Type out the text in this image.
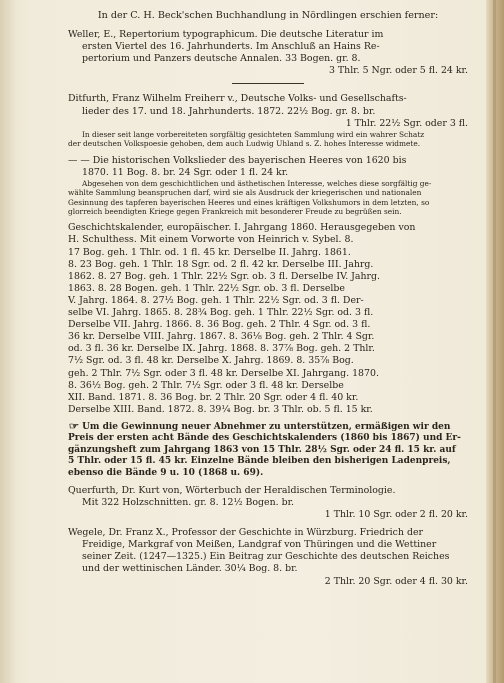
In der C. H. Beck'schen Buchhandlung in Nördlingen erschien ferner:
Weller, E., Repertorium typographicum. Die deutsche Literatur im
ersten Viertel des 16. Jahrhunderts. Im Anschluß an Hains Re-
pertorium und Panzers deutsche Annalen. 33 Bogen. gr. 8.
3 Thlr. 5 Ngr. oder 5 fl. 24 kr.
Ditfurth, Franz Wilhelm Freiherr v., Deutsche Volks- und Gesellschafts-
lieder des 17. und 18. Jahrhunderts. 1872. 22½ Bog. gr. 8. br.
1 Thlr. 22½ Sgr. oder 3 fl.
In dieser seit lange vorbereiteten sorgfältig gesichteten Sammlung wird ein wahrer Schatz
der deutschen Volkspoesie gehoben, dem auch Ludwig Uhland s. Z. hohes Interesse widmete.
— — Die historischen Volkslieder des bayerischen Heeres von 1620 bis
1870. 11 Bog. 8. br. 24 Sgr. oder 1 fl. 24 kr.
Abgesehen von dem geschichtlichen und ästhetischen Interesse, welches diese sorgfältig ge-
wählte Sammlung beanspruchen darf, wird sie als Ausdruck der kriegerischen und nationalen
Gesinnung des tapferen bayerischen Heeres und eines kräftigen Volkshumors in dem letzten, so
glorreich beendigten Kriege gegen Frankreich mit besonderer Freude zu begrüßen sein.
Geschichtskalender, europäischer. I. Jahrgang 1860. Herausgegeben von
H. Schulthess. Mit einem Vorworte von Heinrich v. Sybel. 8.
17 Bog. geh. 1 Thlr. od. 1 fl. 45 kr. Derselbe II. Jahrg. 1861.
8. 23 Bog. geh. 1 Thlr. 18 Sgr. od. 2 fl. 42 kr. Derselbe III. Jahrg.
1862. 8. 27 Bog. geh. 1 Thlr. 22½ Sgr. ob. 3 fl. Derselbe IV. Jahrg.
1863. 8. 28 Bogen. geh. 1 Thlr. 22½ Sgr. ob. 3 fl. Derselbe
V. Jahrg. 1864. 8. 27½ Bog. geh. 1 Thlr. 22½ Sgr. od. 3 fl. Der-
selbe VI. Jahrg. 1865. 8. 28¾ Bog. geh. 1 Thlr. 22½ Sgr. od. 3 fl.
Derselbe VII. Jahrg. 1866. 8. 36 Bog. geh. 2 Thlr. 4 Sgr. od. 3 fl.
36 kr. Derselbe VIII. Jahrg. 1867. 8. 36⅛ Bog. geh. 2 Thlr. 4 Sgr.
od. 3 fl. 36 kr. Derselbe IX. Jahrg. 1868. 8. 37⅞ Bog. geh. 2 Thlr.
7½ Sgr. od. 3 fl. 48 kr. Derselbe X. Jahrg. 1869. 8. 35⅞ Bog.
geh. 2 Thlr. 7½ Sgr. oder 3 fl. 48 kr. Derselbe XI. Jahrgang. 1870.
8. 36½ Bog. geh. 2 Thlr. 7½ Sgr. oder 3 fl. 48 kr. Derselbe
XII. Band. 1871. 8. 36 Bog. br. 2 Thlr. 20 Sgr. oder 4 fl. 40 kr.
Derselbe XIII. Band. 1872. 8. 39¼ Bog. br. 3 Thlr. ob. 5 fl. 15 kr.
☞ Um die Gewinnung neuer Abnehmer zu unterstützen, ermäßigen wir den
Preis der ersten acht Bände des Geschichtskalenders (1860 bis 1867) und Er-
gänzungsheft zum Jahrgang 1863 von 15 Thlr. 28½ Sgr. oder 24 fl. 15 kr. auf
5 Thlr. oder 15 fl. 45 kr. Einzelne Bände bleiben den bisherigen Ladenpreis,
ebenso die Bände 9 u. 10 (1868 u. 69).
Querfurth, Dr. Kurt von, Wörterbuch der Heraldischen Terminologie.
Mit 322 Holzschnitten. gr. 8. 12½ Bogen. br.
1 Thlr. 10 Sgr. oder 2 fl. 20 kr.
Wegele, Dr. Franz X., Professor der Geschichte in Würzburg. Friedrich der
Freidige, Markgraf von Meißen, Landgraf von Thüringen und die Wettiner
seiner Zeit. (1247—1325.) Ein Beitrag zur Geschichte des deutschen Reiches
und der wettinischen Länder. 30¼ Bog. 8. br.
2 Thlr. 20 Sgr. oder 4 fl. 30 kr.
